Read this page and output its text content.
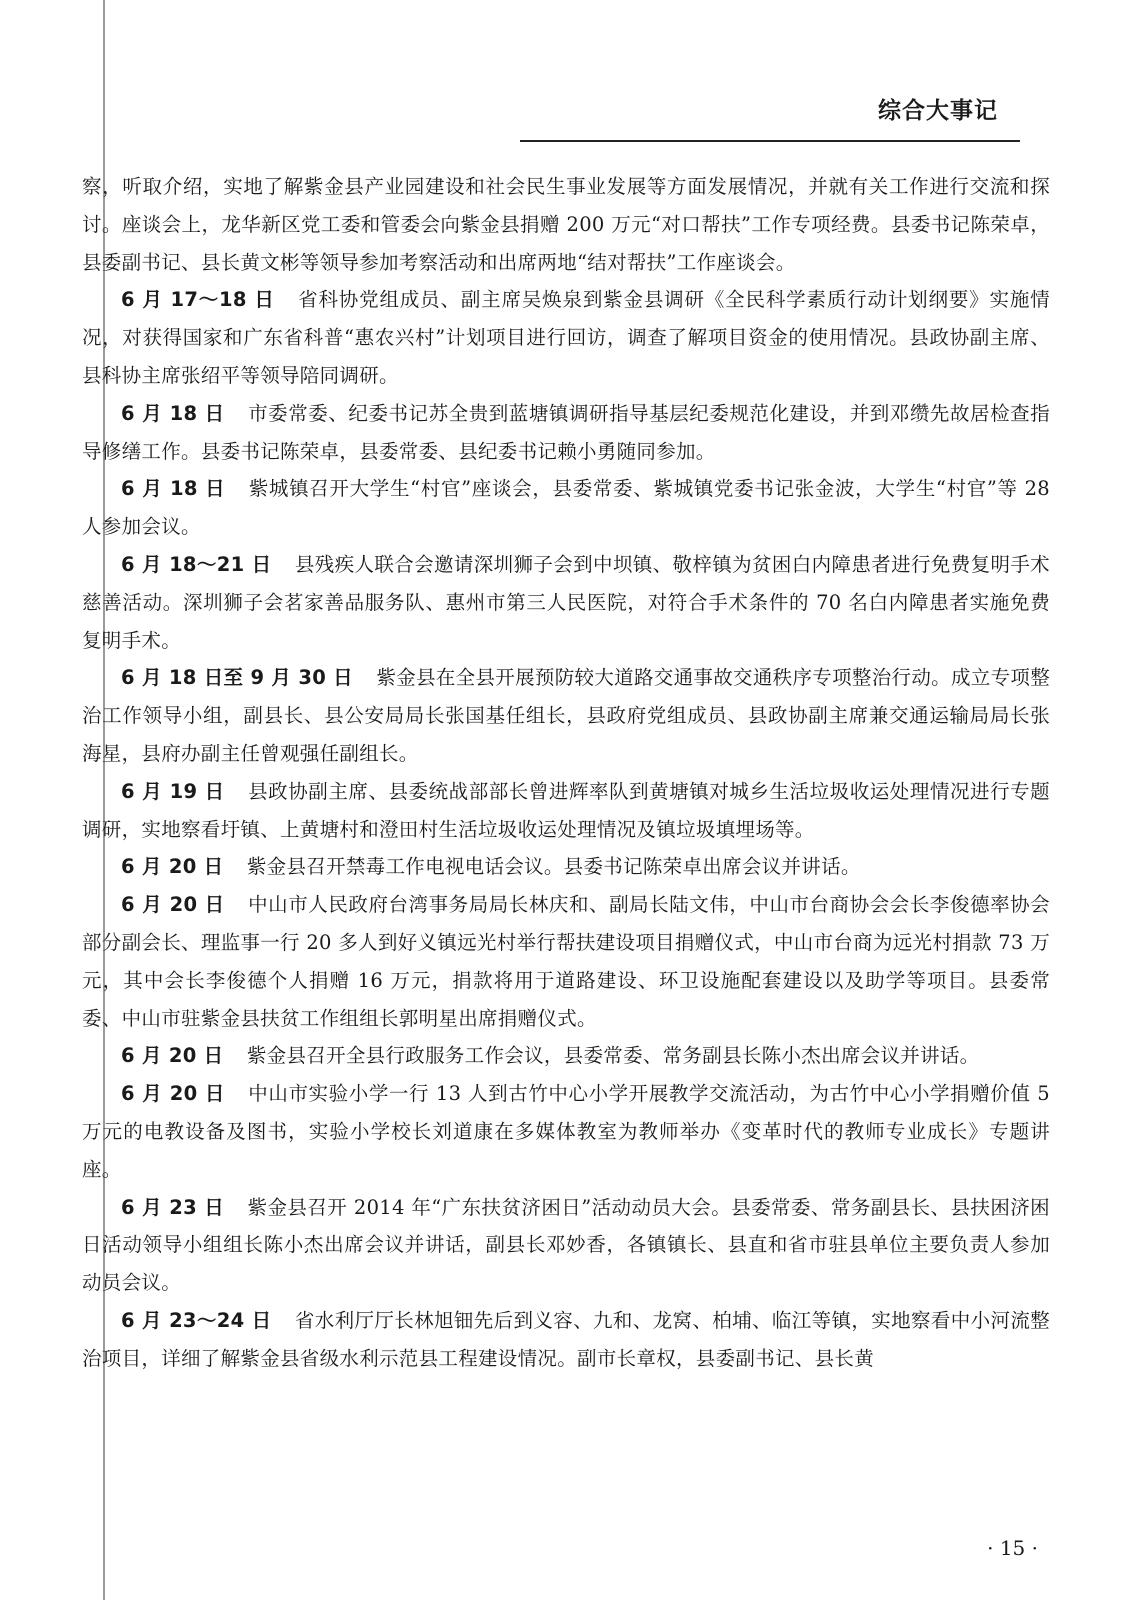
综合大事记

察，听取介绍，实地了解紫金县产业园建设和社会民生事业发展等方面发展情况，并就有关工作进行交流和探讨。座谈会上，龙华新区党工委和管委会向紫金县捐赠 200 万元“对口帮扶”工作专项经费。县委书记陈荣卓，县委副书记、县长黄文彬等领导参加考察活动和出席两地“结对帮扶”工作座谈会。

6 月 17～18 日 省科协党组成员、副主席吴焕泉到紫金县调研《全民科学素质行动计划纲要》实施情况，对获得国家和广东省科普“惠农兴村”计划项目进行回访，调查了解项目资金的使用情况。县政协副主席、县科协主席张绍平等领导陪同调研。

6 月 18 日 市委常委、纪委书记苏全贵到蓝塘镇调研指导基层纪委规范化建设，并到邓缵先故居检查指导修缮工作。县委书记陈荣卓，县委常委、县纪委书记赖小勇随同参加。

6 月 18 日 紫城镇召开大学生“村官”座谈会，县委常委、紫城镇党委书记张金波，大学生“村官”等 28 人参加会议。

6 月 18～21 日 县残疾人联合会邀请深圳狮子会到中坝镇、敬梓镇为贫困白内障患者进行免费复明手术慈善活动。深圳狮子会茗家善品服务队、惠州市第三人民医院，对符合手术条件的 70 名白内障患者实施免费复明手术。

6 月 18 日至 9 月 30 日 紫金县在全县开展预防较大道路交通事故交通秩序专项整治行动。成立专项整治工作领导小组，副县长、县公安局局长张国基任组长，县政府党组成员、县政协副主席兼交通运输局局长张海星，县府办副主任曾观强任副组长。

6 月 19 日 县政协副主席、县委统战部部长曾进辉率队到黄塘镇对城乡生活垃圾收运处理情况进行专题调研，实地察看圩镇、上黄塘村和澄田村生活垃圾收运处理情况及镇垃圾填埋场等。

6 月 20 日 紫金县召开禁毒工作电视电话会议。县委书记陈荣卓出席会议并讲话。

6 月 20 日 中山市人民政府台湾事务局局长林庆和、副局长陆文伟，中山市台商协会会长李俊德率协会部分副会长、理监事一行 20 多人到好义镇远光村举行帮扶建设项目捐赠仪式，中山市台商为远光村捐款 73 万元，其中会长李俊德个人捐赠 16 万元，捐款将用于道路建设、环卫设施配套建设以及助学等项目。县委常委、中山市驻紫金县扶贫工作组组长郭明星出席捐赠仪式。

6 月 20 日 紫金县召开全县行政服务工作会议，县委常委、常务副县长陈小杰出席会议并讲话。

6 月 20 日 中山市实验小学一行 13 人到古竹中心小学开展教学交流活动，为古竹中心小学捐赠价值 5 万元的电教设备及图书，实验小学校长刘道康在多媒体教室为教师举办《变革时代的教师专业成长》专题讲座。

6 月 23 日 紫金县召开 2014 年“广东扶贫济困日”活动动员大会。县委常委、常务副县长、县扶困济困日活动领导小组组长陈小杰出席会议并讲话，副县长邓妙香，各镇镇长、县直和省市驻县单位主要负责人参加动员会议。

6 月 23～24 日 省水利厅厅长林旭钿先后到义容、九和、龙窝、柏埔、临江等镇，实地察看中小河流整治项目，详细了解紫金县省级水利示范县工程建设情况。副市长章权，县委副书记、县长黄

· 15 ·
